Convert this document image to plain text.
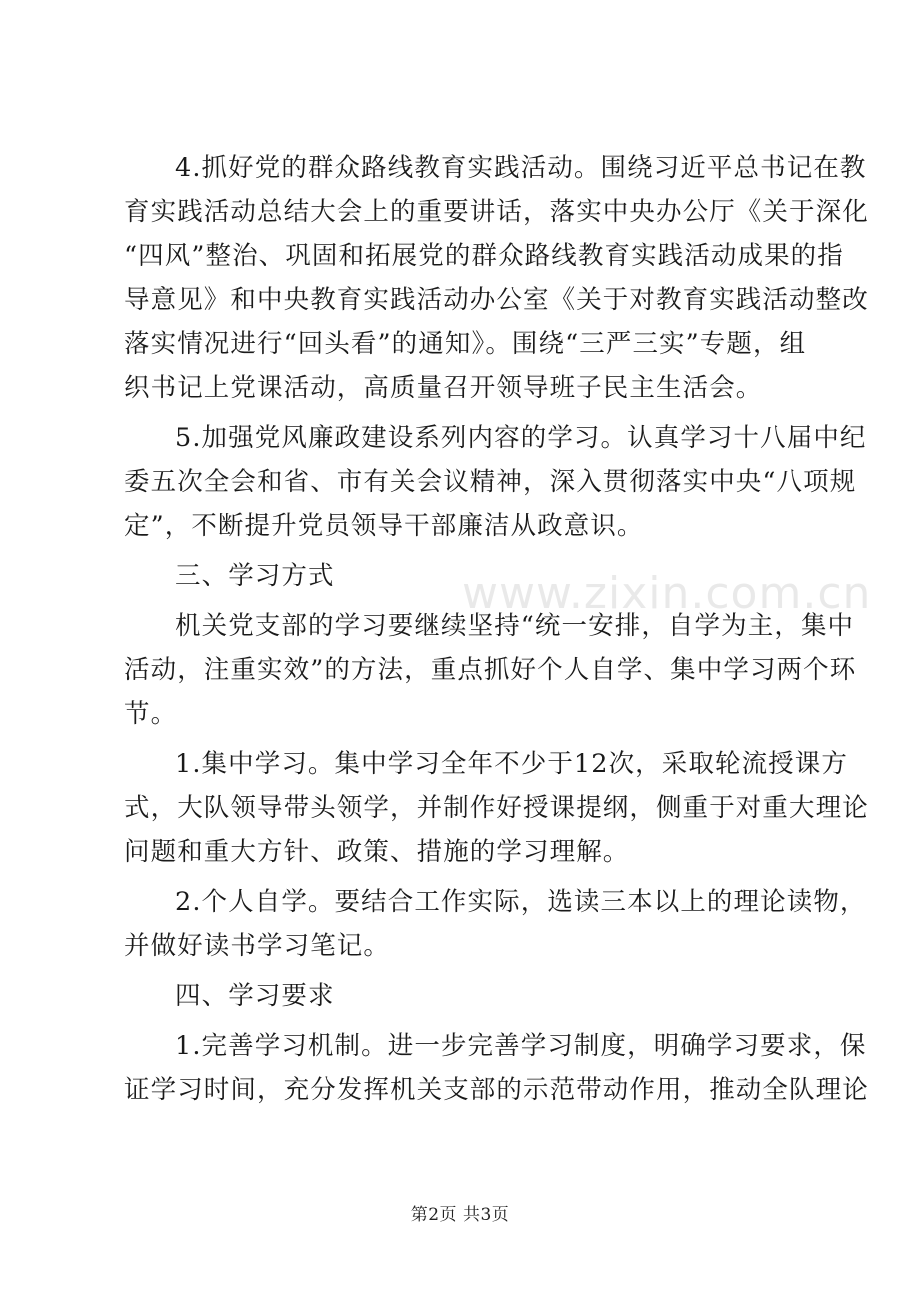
4.抓好党的群众路线教育实践活动。围绕习近平总书记在教
育实践活动总结大会上的重要讲话，落实中央办公厅《关于深化
“四风”整治、巩固和拓展党的群众路线教育实践活动成果的指
导意见》和中央教育实践活动办公室《关于对教育实践活动整改
落实情况进行“回头看”的通知》。围绕“三严三实”专题，组
织书记上党课活动，高质量召开领导班子民主生活会。

5.加强党风廉政建设系列内容的学习。认真学习十八届中纪
委五次全会和省、市有关会议精神，深入贯彻落实中央“八项规
定”，不断提升党员领导干部廉洁从政意识。

三、学习方式

机关党支部的学习要继续坚持“统一安排，自学为主，集中
活动，注重实效”的方法，重点抓好个人自学、集中学习两个环
节。

1.集中学习。集中学习全年不少于12次，采取轮流授课方
式，大队领导带头领学，并制作好授课提纲，侧重于对重大理论
问题和重大方针、政策、措施的学习理解。

2.个人自学。要结合工作实际，选读三本以上的理论读物，
并做好读书学习笔记。

四、学习要求

1.完善学习机制。进一步完善学习制度，明确学习要求，保
证学习时间，充分发挥机关支部的示范带动作用，推动全队理论

www.zixin.com.cn
第2页 共3页
